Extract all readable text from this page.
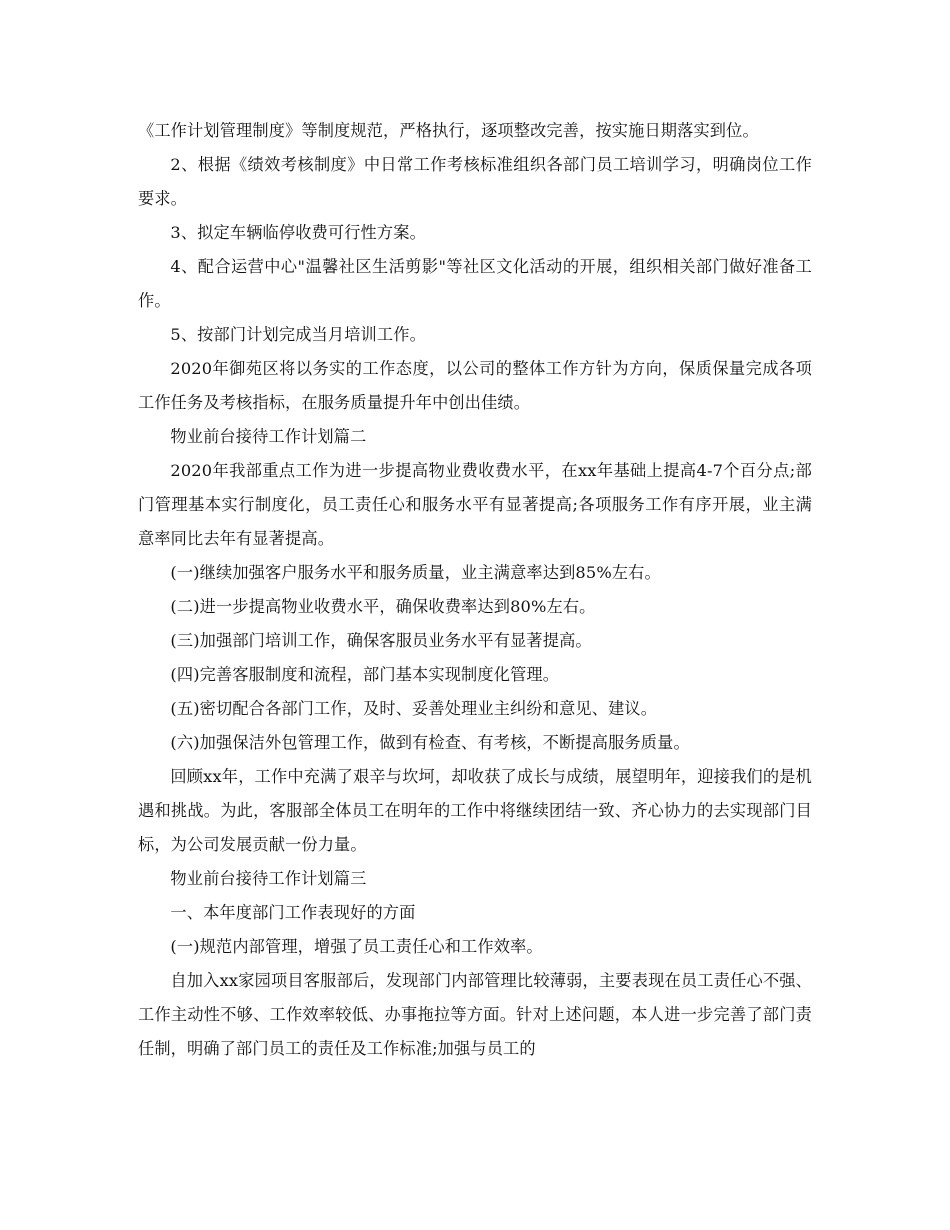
《工作计划管理制度》等制度规范，严格执行，逐项整改完善，按实施日期落实到位。

2、根据《绩效考核制度》中日常工作考核标准组织各部门员工培训学习，明确岗位工作要求。

3、拟定车辆临停收费可行性方案。

4、配合运营中心"温馨社区生活剪影"等社区文化活动的开展，组织相关部门做好准备工作。

5、按部门计划完成当月培训工作。

2020年御苑区将以务实的工作态度，以公司的整体工作方针为方向，保质保量完成各项工作任务及考核指标，在服务质量提升年中创出佳绩。

物业前台接待工作计划篇二

2020年我部重点工作为进一步提高物业费收费水平，在xx年基础上提高4-7个百分点;部门管理基本实行制度化，员工责任心和服务水平有显著提高;各项服务工作有序开展，业主满意率同比去年有显著提高。

(一)继续加强客户服务水平和服务质量，业主满意率达到85%左右。

(二)进一步提高物业收费水平，确保收费率达到80%左右。

(三)加强部门培训工作，确保客服员业务水平有显著提高。

(四)完善客服制度和流程，部门基本实现制度化管理。

(五)密切配合各部门工作，及时、妥善处理业主纠纷和意见、建议。

(六)加强保洁外包管理工作，做到有检查、有考核，不断提高服务质量。

回顾xx年，工作中充满了艰辛与坎坷，却收获了成长与成绩，展望明年，迎接我们的是机遇和挑战。为此，客服部全体员工在明年的工作中将继续团结一致、齐心协力的去实现部门目标，为公司发展贡献一份力量。

物业前台接待工作计划篇三

一、本年度部门工作表现好的方面

(一)规范内部管理，增强了员工责任心和工作效率。

自加入xx家园项目客服部后，发现部门内部管理比较薄弱，主要表现在员工责任心不强、工作主动性不够、工作效率较低、办事拖拉等方面。针对上述问题，本人进一步完善了部门责任制，明确了部门员工的责任及工作标准;加强与员工的
